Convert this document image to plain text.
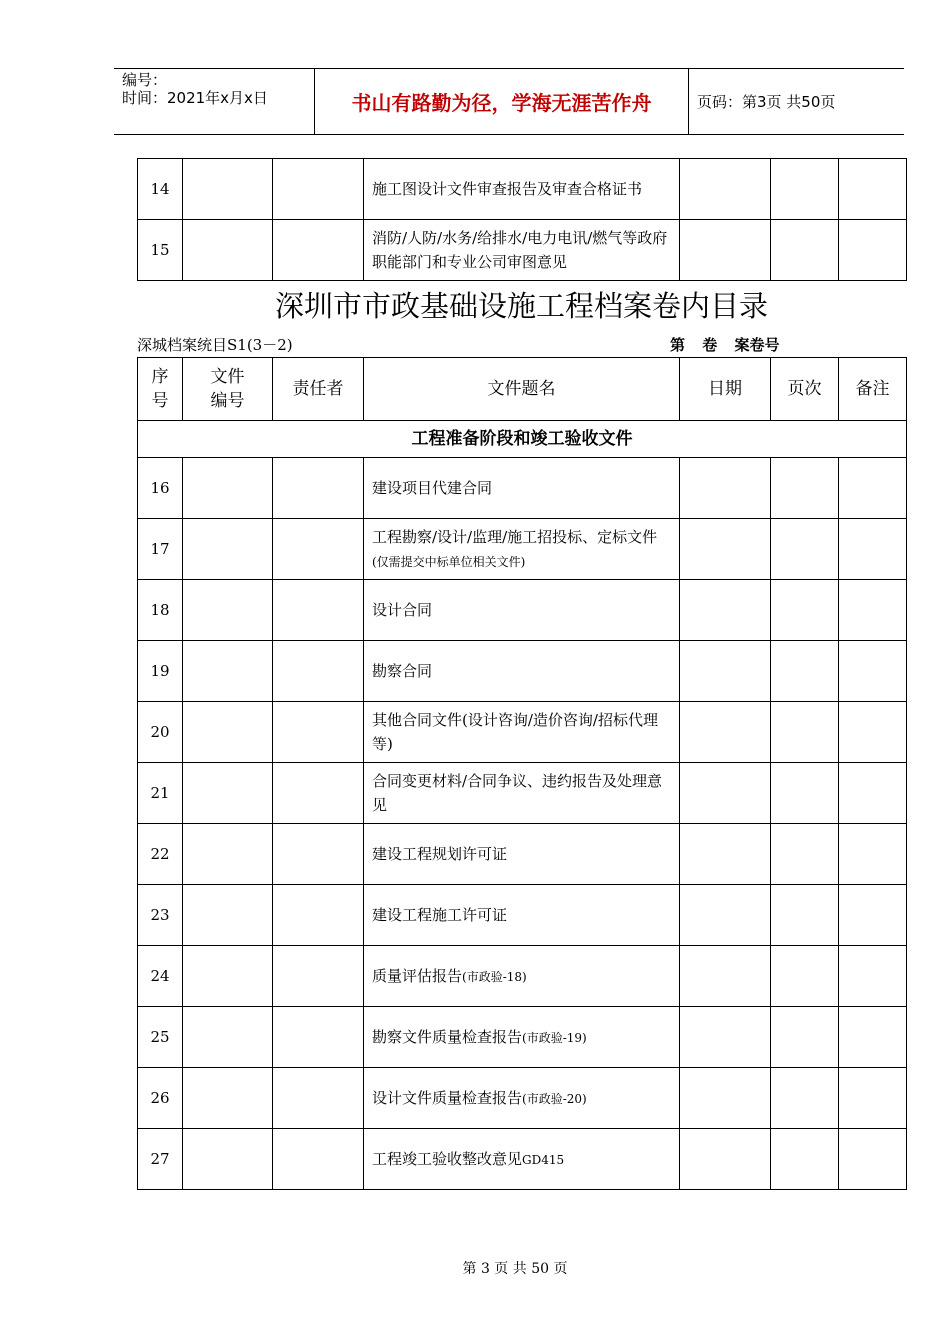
编号：
时间：2021年x月x日	书山有路勤为径，学海无涯苦作舟	页码：第3页 共50页
14			施工图设计文件审查报告及审查合格证书			
15			消防/人防/水务/给排水/电力电讯/燃气等政府职能部门和专业公司审图意见			
深圳市市政基础设施工程档案卷内目录
深城档案统目S1(3－2)	第 卷 案卷号
序号	文件编号	责任者	文件题名	日期	页次	备注
工程准备阶段和竣工验收文件						
16			建设项目代建合同			
17			工程勘察/设计/监理/施工招投标、定标文件(仅需提交中标单位相关文件)			
18			设计合同			
19			勘察合同			
20			其他合同文件(设计咨询/造价咨询/招标代理等)			
21			合同变更材料/合同争议、违约报告及处理意见			
22			建设工程规划许可证			
23			建设工程施工许可证			
24			质量评估报告(市政验-18)			
25			勘察文件质量检查报告(市政验-19)			
26			设计文件质量检查报告(市政验-20)			
27			工程竣工验收整改意见GD415			
第 3 页 共 50 页
